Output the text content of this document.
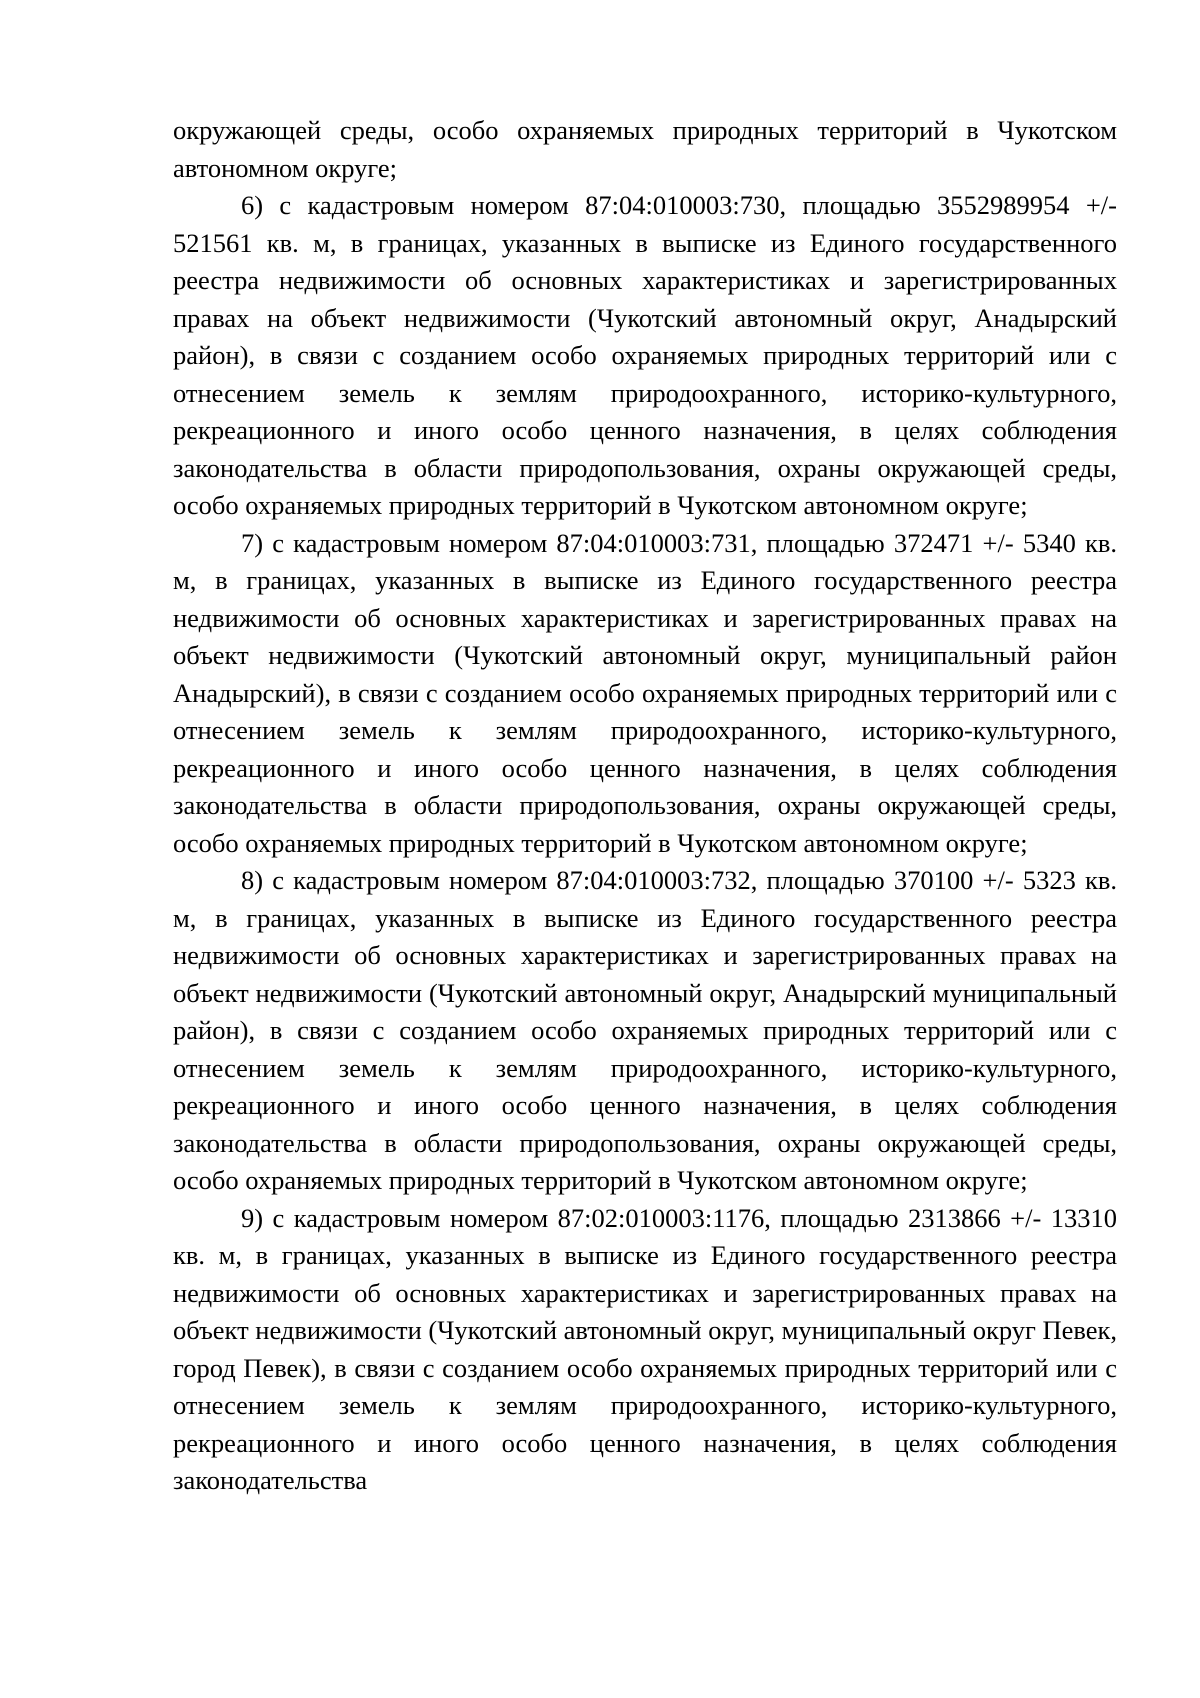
окружающей среды, особо охраняемых природных территорий в Чукотском автономном округе;

6) с кадастровым номером 87:04:010003:730, площадью 3552989954 +/- 521561 кв. м, в границах, указанных в выписке из Единого государственного реестра недвижимости об основных характеристиках и зарегистрированных правах на объект недвижимости (Чукотский автономный округ, Анадырский район), в связи с созданием особо охраняемых природных территорий или с отнесением земель к землям природоохранного, историко-культурного, рекреационного и иного особо ценного назначения, в целях соблюдения законодательства в области природопользования, охраны окружающей среды, особо охраняемых природных территорий в Чукотском автономном округе;

7) с кадастровым номером 87:04:010003:731, площадью 372471 +/- 5340 кв. м, в границах, указанных в выписке из Единого государственного реестра недвижимости об основных характеристиках и зарегистрированных правах на объект недвижимости (Чукотский автономный округ, муниципальный район Анадырский), в связи с созданием особо охраняемых природных территорий или с отнесением земель к землям природоохранного, историко-культурного, рекреационного и иного особо ценного назначения, в целях соблюдения законодательства в области природопользования, охраны окружающей среды, особо охраняемых природных территорий в Чукотском автономном округе;

8) с кадастровым номером 87:04:010003:732, площадью 370100 +/- 5323 кв. м, в границах, указанных в выписке из Единого государственного реестра недвижимости об основных характеристиках и зарегистрированных правах на объект недвижимости (Чукотский автономный округ, Анадырский муниципальный район), в связи с созданием особо охраняемых природных территорий или с отнесением земель к землям природоохранного, историко-культурного, рекреационного и иного особо ценного назначения, в целях соблюдения законодательства в области природопользования, охраны окружающей среды, особо охраняемых природных территорий в Чукотском автономном округе;

9) с кадастровым номером 87:02:010003:1176, площадью 2313866 +/- 13310 кв. м, в границах, указанных в выписке из Единого государственного реестра недвижимости об основных характеристиках и зарегистрированных правах на объект недвижимости (Чукотский автономный округ, муниципальный округ Певек, город Певек), в связи с созданием особо охраняемых природных территорий или с отнесением земель к землям природоохранного, историко-культурного, рекреационного и иного особо ценного назначения, в целях соблюдения законодательства
